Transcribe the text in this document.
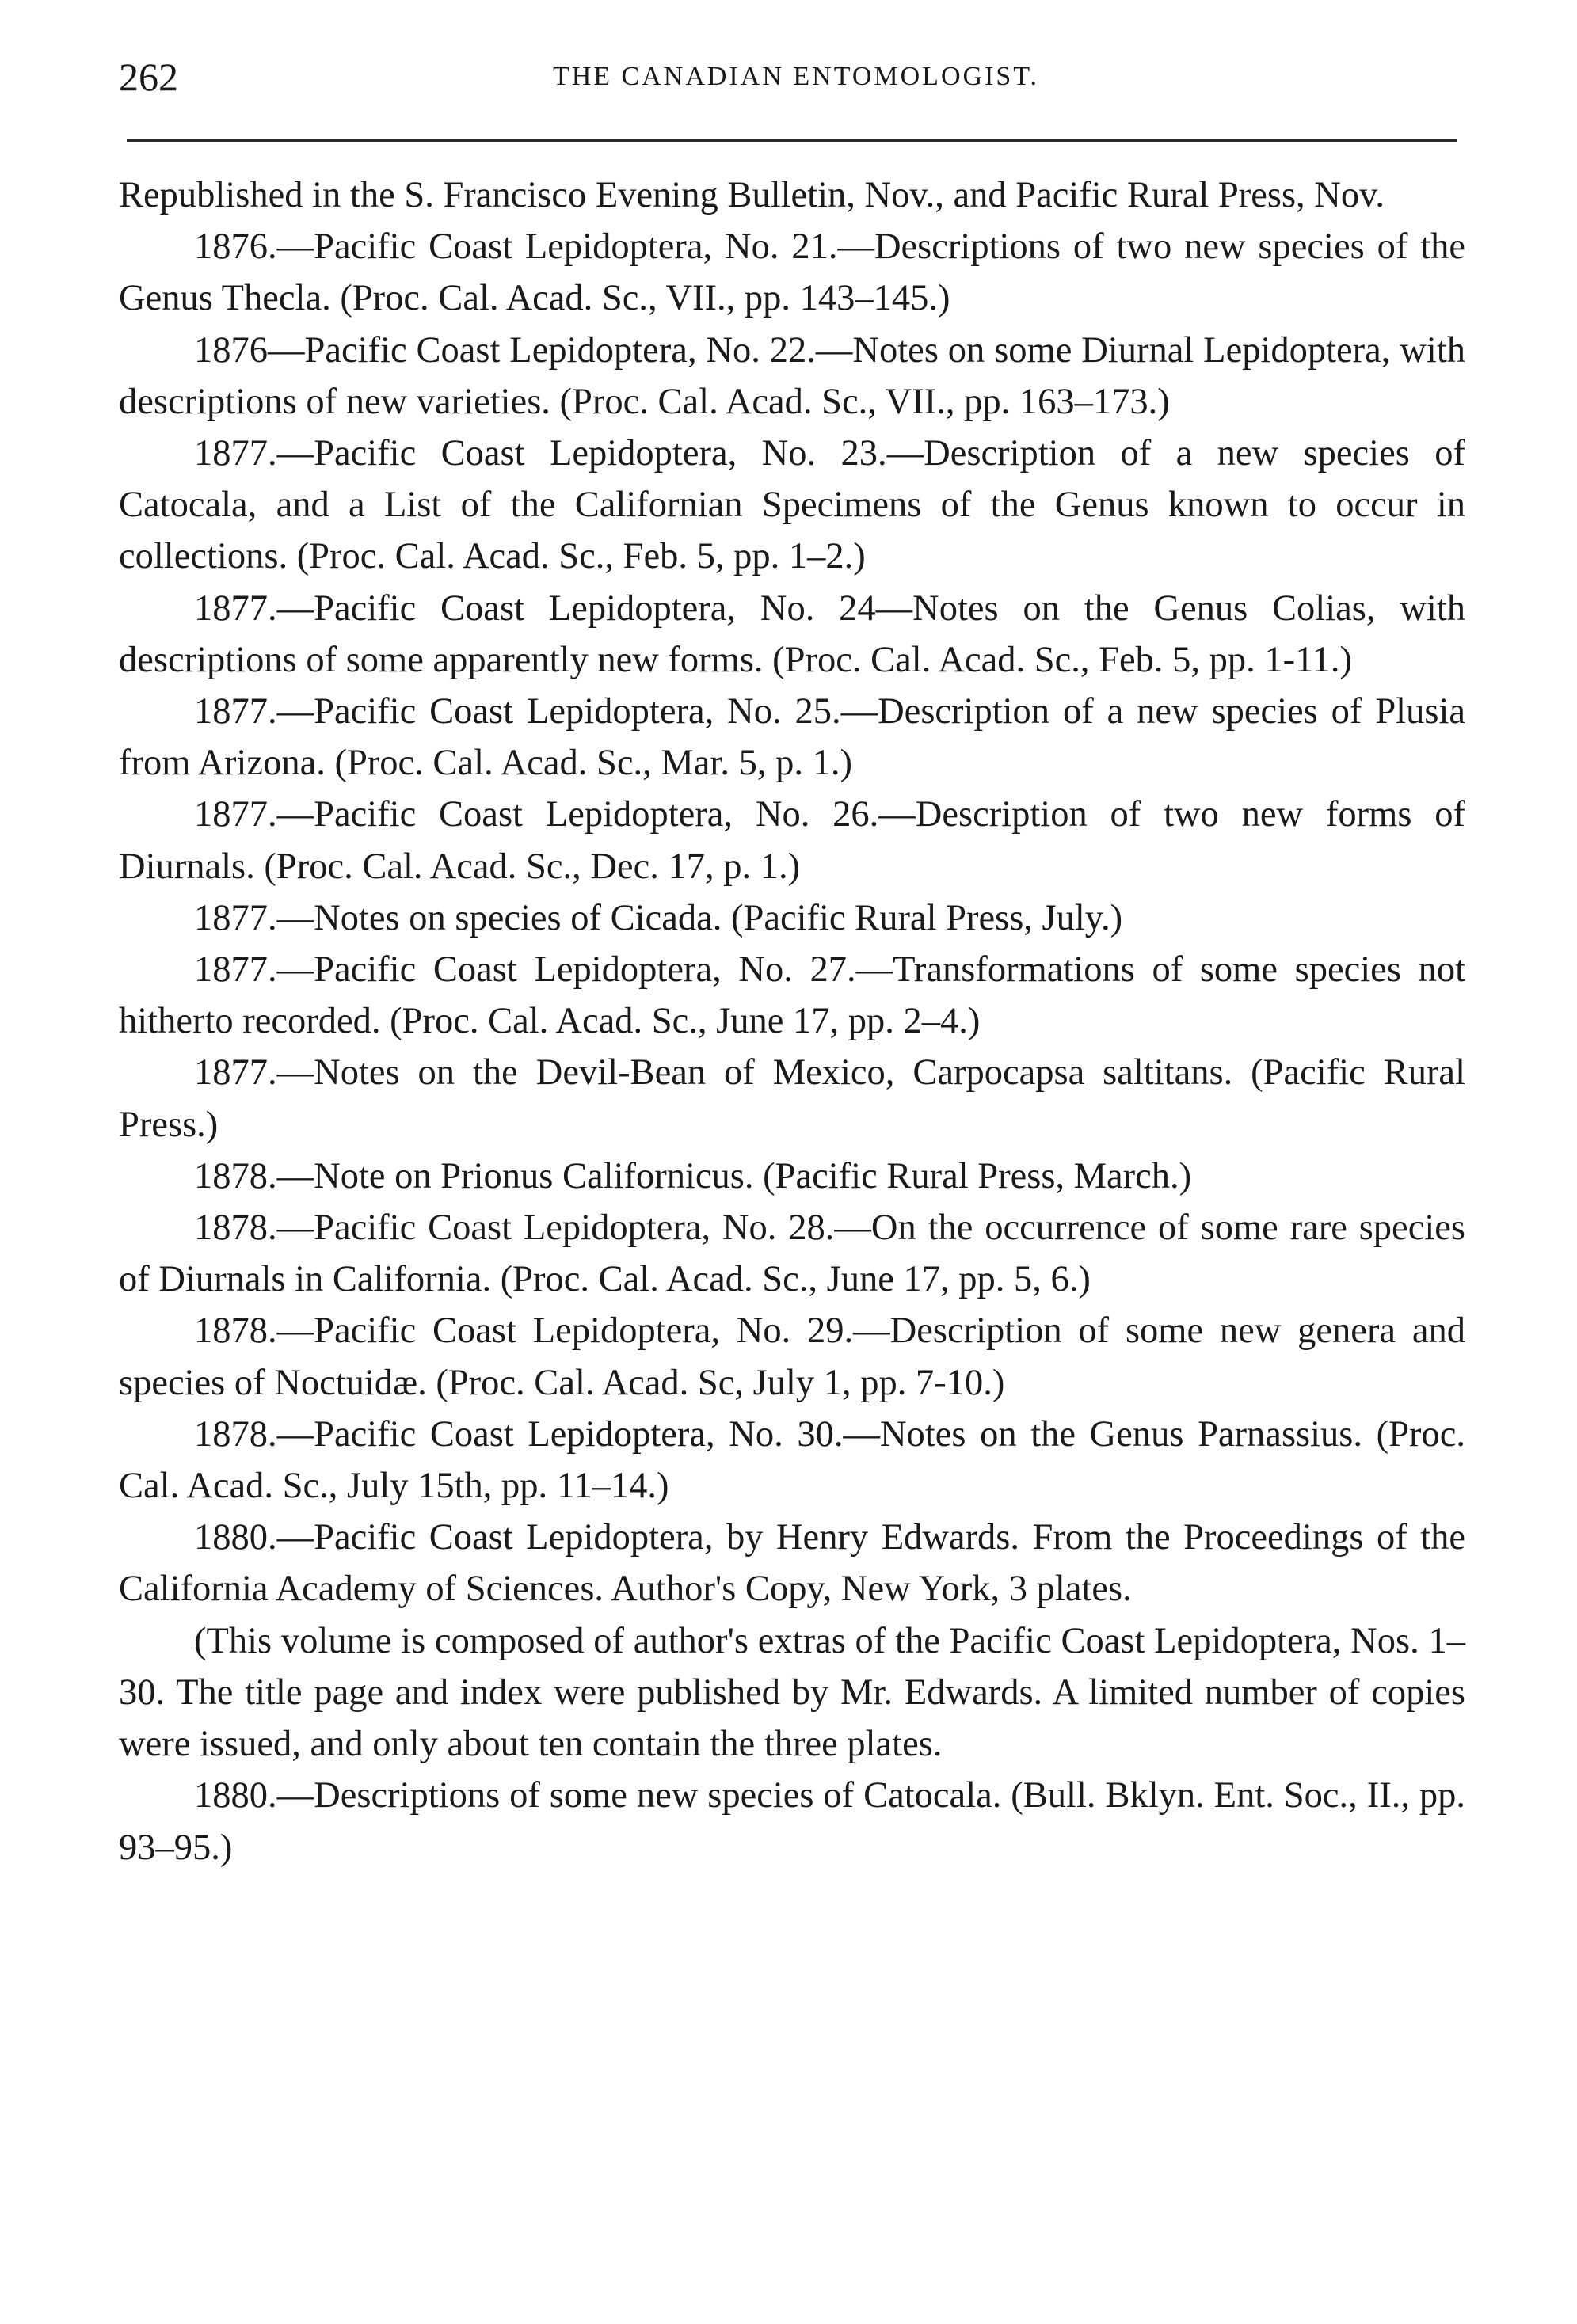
262	THE CANADIAN ENTOMOLOGIST.

Republished in the S. Francisco Evening Bulletin, Nov., and Pacific Rural Press, Nov.

1876.—Pacific Coast Lepidoptera, No. 21.—Descriptions of two new species of the Genus Thecla. (Proc. Cal. Acad. Sc., VII., pp. 143–145.)

1876—Pacific Coast Lepidoptera, No. 22.—Notes on some Diurnal Lepidoptera, with descriptions of new varieties. (Proc. Cal. Acad. Sc., VII., pp. 163–173.)

1877.—Pacific Coast Lepidoptera, No. 23.—Description of a new species of Catocala, and a List of the Californian Specimens of the Genus known to occur in collections. (Proc. Cal. Acad. Sc., Feb. 5, pp. 1–2.)

1877.—Pacific Coast Lepidoptera, No. 24—Notes on the Genus Colias, with descriptions of some apparently new forms. (Proc. Cal. Acad. Sc., Feb. 5, pp. 1-11.)

1877.—Pacific Coast Lepidoptera, No. 25.—Description of a new species of Plusia from Arizona. (Proc. Cal. Acad. Sc., Mar. 5, p. 1.)

1877.—Pacific Coast Lepidoptera, No. 26.—Description of two new forms of Diurnals. (Proc. Cal. Acad. Sc., Dec. 17, p. 1.)

1877.—Notes on species of Cicada. (Pacific Rural Press, July.)

1877.—Pacific Coast Lepidoptera, No. 27.—Transformations of some species not hitherto recorded. (Proc. Cal. Acad. Sc., June 17, pp. 2–4.)

1877.—Notes on the Devil-Bean of Mexico, Carpocapsa saltitans. (Pacific Rural Press.)

1878.—Note on Prionus Californicus. (Pacific Rural Press, March.)

1878.—Pacific Coast Lepidoptera, No. 28.—On the occurrence of some rare species of Diurnals in California. (Proc. Cal. Acad. Sc., June 17, pp. 5, 6.)

1878.—Pacific Coast Lepidoptera, No. 29.—Description of some new genera and species of Noctuidæ. (Proc. Cal. Acad. Sc, July 1, pp. 7-10.)

1878.—Pacific Coast Lepidoptera, No. 30.—Notes on the Genus Parnassius. (Proc. Cal. Acad. Sc., July 15th, pp. 11–14.)

1880.—Pacific Coast Lepidoptera, by Henry Edwards. From the Proceedings of the California Academy of Sciences. Author's Copy, New York, 3 plates.

(This volume is composed of author's extras of the Pacific Coast Lepidoptera, Nos. 1–30. The title page and index were published by Mr. Edwards. A limited number of copies were issued, and only about ten contain the three plates.

1880.—Descriptions of some new species of Catocala. (Bull. Bklyn. Ent. Soc., II., pp. 93–95.)
